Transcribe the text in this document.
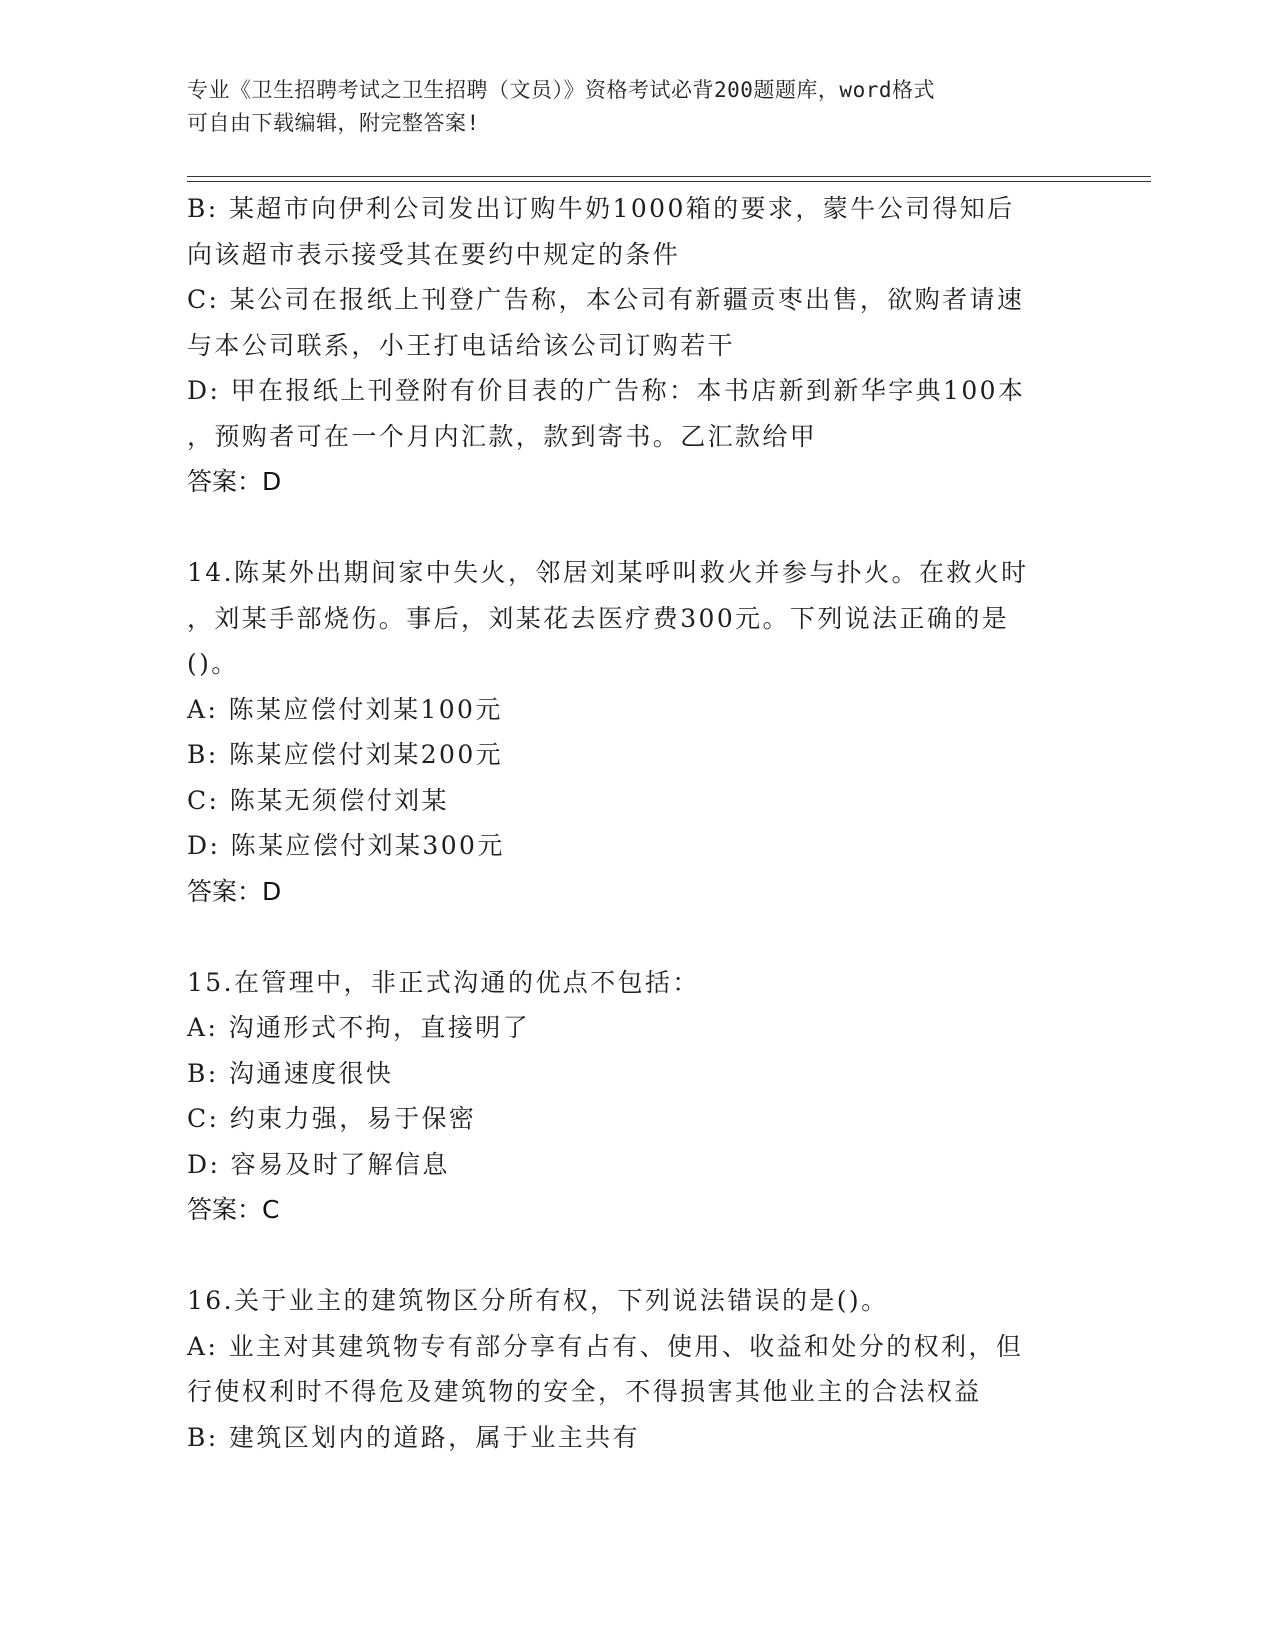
专业《卫生招聘考试之卫生招聘（文员）》资格考试必背200题题库，word格式
可自由下载编辑，附完整答案!
B: 某超市向伊利公司发出订购牛奶1000箱的要求，蒙牛公司得知后
向该超市表示接受其在要约中规定的条件
C: 某公司在报纸上刊登广告称，本公司有新疆贡枣出售，欲购者请速
与本公司联系，小王打电话给该公司订购若干
D: 甲在报纸上刊登附有价目表的广告称：本书店新到新华字典100本
，预购者可在一个月内汇款，款到寄书。乙汇款给甲
答案：D
14.陈某外出期间家中失火，邻居刘某呼叫救火并参与扑火。在救火时
，刘某手部烧伤。事后，刘某花去医疗费300元。下列说法正确的是
()。
A: 陈某应偿付刘某100元
B: 陈某应偿付刘某200元
C: 陈某无须偿付刘某
D: 陈某应偿付刘某300元
答案：D
15.在管理中，非正式沟通的优点不包括：
A: 沟通形式不拘，直接明了
B: 沟通速度很快
C: 约束力强，易于保密
D: 容易及时了解信息
答案：C
16.关于业主的建筑物区分所有权，下列说法错误的是()。
A: 业主对其建筑物专有部分享有占有、使用、收益和处分的权利，但
行使权利时不得危及建筑物的安全，不得损害其他业主的合法权益
B: 建筑区划内的道路，属于业主共有
